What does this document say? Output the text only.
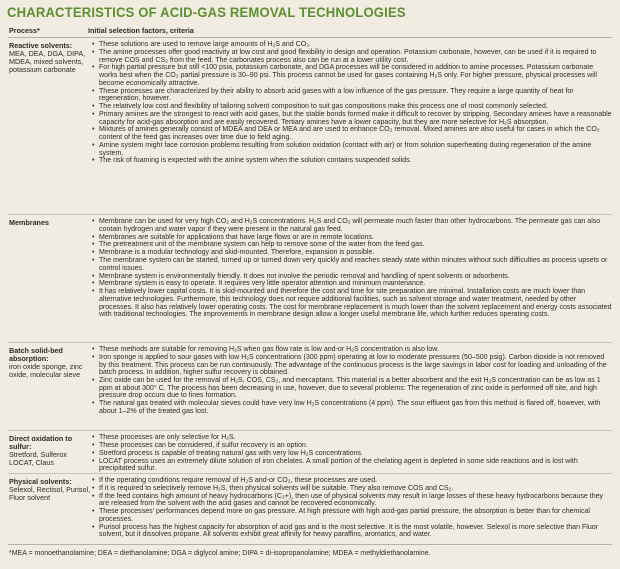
CHARACTERISTICS OF ACID-GAS REMOVAL TECHNOLOGIES
Process*	Initial selection factors, criteria
Reactive solvents:
MEA, DEA, DGA, DIPA, MDEA, mixed solvents, potassium carbonate
• These solutions are used to remove large amounts of H₂S and CO₂.
• The amine processes offer good reactivity at low cost and good flexibility in design and operation. Potassium carbonate, however, can be used if it is required to remove COS and CS₂ from the feed. The carbonates process also can be run at a lower utility cost.
• For high partial pressure but still <100 psia, potassium carbonate, and DGA processes will be considered in addition to amine processes. Potassium carbonate works best when the CO₂ partial pressure is 30–90 psi. This process cannot be used for gases containing H₂S only. For higher pressure, physical processes will become economically attractive.
• These processes are characterized by their ability to absorb acid gases with a low influence of the gas pressure. They require a large quantity of heat for regeneration, however.
• The relatively low cost and flexibility of tailoring solvent composition to suit gas compositions make this process one of most commonly selected.
• Primary amines are the strongest to react with acid gases, but the stable bonds formed make it difficult to recover by stripping. Secondary amines have a reasonable capacity for acid-gas absorption and are easily recovered. Tertiary amines have a lower capacity, but they are more selective for H₂S absorption.
• Mixtures of amines generally consist of MDEA and DEA or MEA and are used to enhance CO₂ removal. Mixed amines are also useful for cases in which the CO₂ content of the feed gas increases over time due to field aging.
• Amine system might face corrosion problems resulting from solution oxidation (contact with air) or from solution superheating during regeneration of the amine system.
• The risk of foaming is expected with the amine system when the solution contains suspended solids.
Membranes
•	Membrane can be used for very high CO₂ and H₂S concentrations. H₂S and CO₂ will permeate much faster than other hydrocarbons. The permeate gas can also contain hydrogen and water vapor if they were present in the natural gas feed.
• Membranes are suitable for applications that have large flows or are in remote locations.
• The pretreatment unit of the membrane system can help to remove some of the water from the feed gas.
• Membrane is a modular technology and skid-mounted. Therefore, expansion is possible.
• The membrane system can be started, turned up or turned down very quickly and reaches steady state within minutes without such difficulties as process upsets or control issues.
• Membrane system is environmentally friendly. It does not involve the periodic removal and handling of spent solvents or adsorbents.
• Membrane system is easy to operate. It requires very little operator attention and minimum maintenance.
• It has relatively lower capital costs. It is skid-mounted and therefore the cost and time for site preparation are minimal. Installation costs are much lower than alternative technologies. Furthermore, this technology does not require additional facilities, such as solvent storage and water treatment, needed by other processes. It also has relatively lower operating costs. The cost for membrane replacement is much lower than the solvent replacement and energy costs associated with traditional technologies. The improvements in membrane design allow a longer useful membrane life, which further reduces operating costs.
Batch solid-bed absorption:
iron oxide sponge, zinc oxide, molecular sieve
• These methods are suitable for removing H₂S when gas flow rate is low and-or H₂S concentration is also low.
• Iron sponge is applied to sour gases with low H₂S concentrations (300 ppm) operating at low to moderate pressures (50–500 psig). Carbon dioxide is not removed by this treatment. This process can be run continuously. The advantage of the continuous process is the large savings in labor cost for loading and unloading of the batch process. In addition, higher sulfur recovery is obtained.
• Zinc oxide can be used for the removal of H₂S, COS, CS₂, and mercaptans. This material is a better absorbent and the exit H₂S concentration can be as low as 1 ppm at about 300° C. The process has been decreasing in use, however, due to several problems: The regeneration of zinc oxide is performed off site, and high pressure drop occurs due to fines formation.
• The natural gas treated with molecular sieves could have very low H₂S concentrations (4 ppm). The sour effluent gas from this method is flared off, however, with about 1–2% of the treated gas lost.
Direct oxidation to sulfur:
Stretford, Sulferox LOCAT, Claus
• These processes are only selective for H₂S.
• These processes can be considered, if sulfur recovery is an option.
• Stretford process is capable of treating natural gas with very low H₂S concentrations.
• LOCAT process uses an extremely dilute solution of iron chelates. A small portion of the chelating agent is depleted in some side reactions and is lost with precipitated sulfur.
Physical solvents:
Selexol, Rectisol, Purisol, Fluor solvent
• If the operating conditions require removal of H₂S and-or CO₂, these processes are used.
• If it is required to selectively remove H₂S, then physical solvents will be suitable. They also remove COS and CS₂.
• If the feed contains high amount of heavy hydrocarbons (C₃+), then use of physical solvents may result in large losses of these heavy hydrocarbons because they are released from the solvent with the acid gases and cannot be recovered economically.
• These processes' performances depend more on gas pressure. At high pressure with high acid-gas partial pressure, the absorption is better than for chemical processes.
• Purisol process has the highest capacity for absorption of acid gas and is the most selective. It is the most volatile, however. Selexol is more selective than Fluor solvent, but it dissolves propane. All solvents exhibit great affinity for heavy paraffins, aromatics, and water.
*MEA = monoethanolamine; DEA = diethanolamine; DGA = diglycol amine; DIPA = di-isopropanolamine; MDEA = methyldiethanolamine.
